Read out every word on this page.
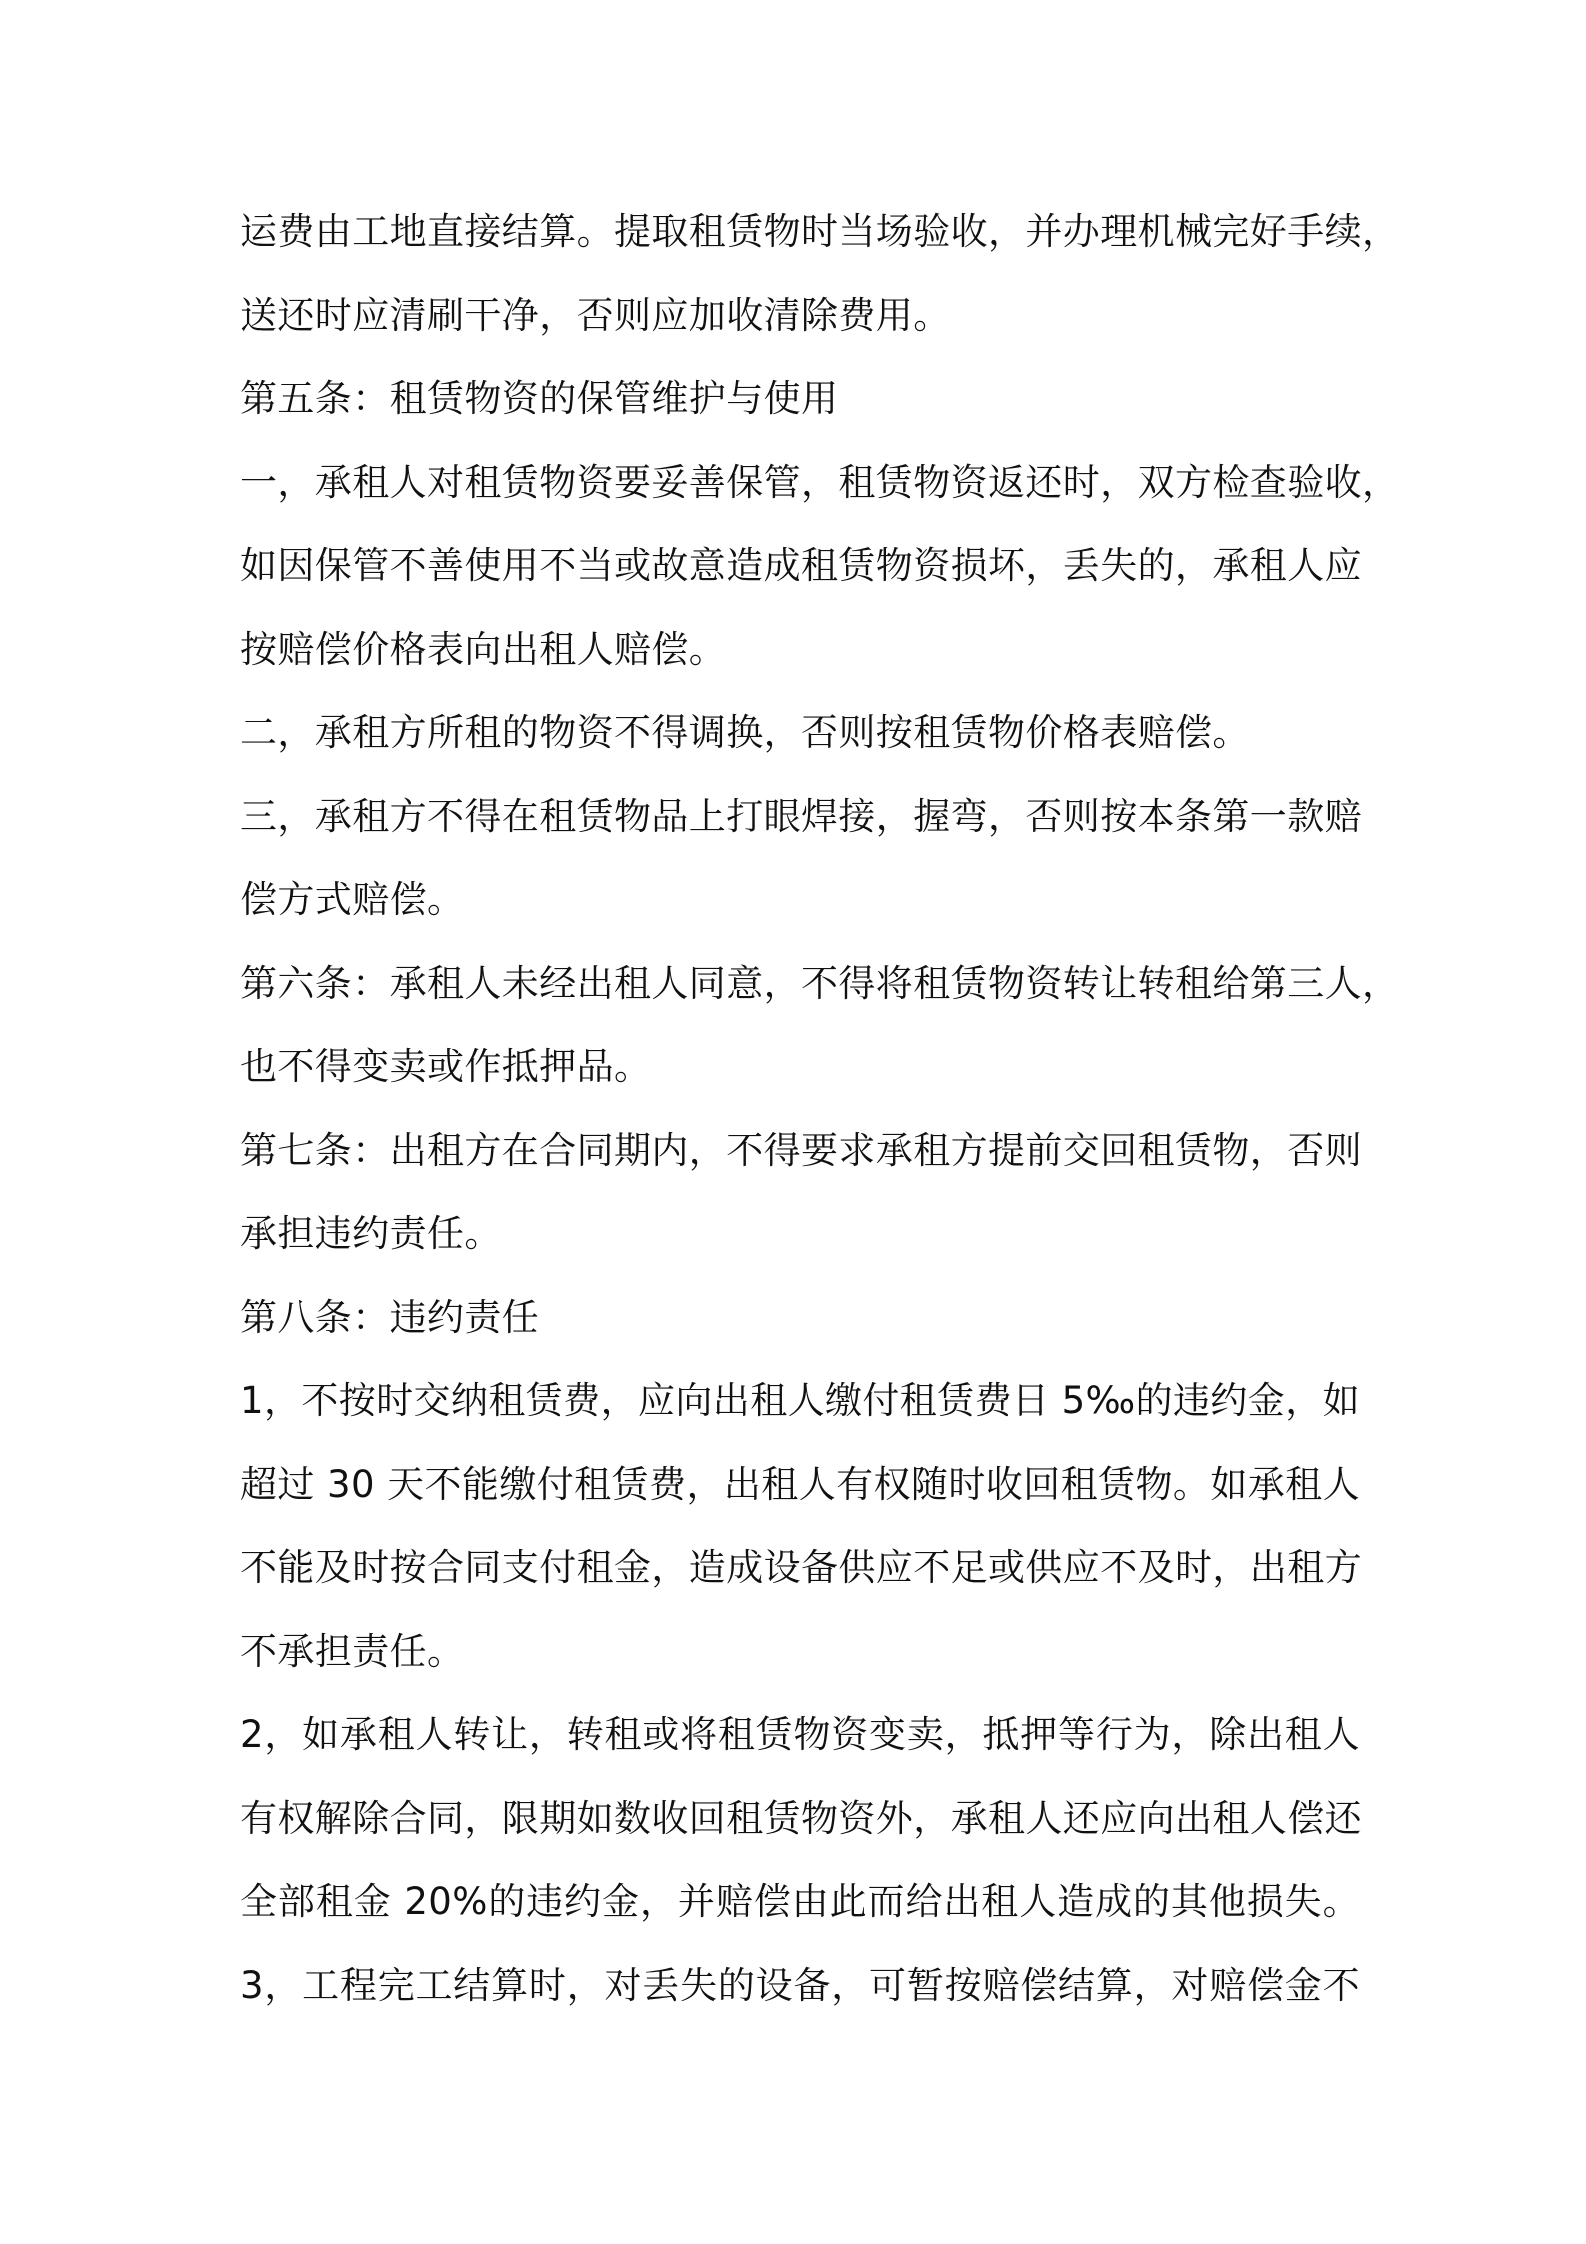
运费由工地直接结算。提取租赁物时当场验收，并办理机械完好手续，
送还时应清刷干净，否则应加收清除费用。
第五条：租赁物资的保管维护与使用
一，承租人对租赁物资要妥善保管，租赁物资返还时，双方检查验收，
如因保管不善使用不当或故意造成租赁物资损坏，丢失的，承租人应
按赔偿价格表向出租人赔偿。
二，承租方所租的物资不得调换，否则按租赁物价格表赔偿。
三，承租方不得在租赁物品上打眼焊接，握弯，否则按本条第一款赔
偿方式赔偿。
第六条：承租人未经出租人同意，不得将租赁物资转让转租给第三人，
也不得变卖或作抵押品。
第七条：出租方在合同期内，不得要求承租方提前交回租赁物，否则
承担违约责任。
第八条：违约责任
1，不按时交纳租赁费，应向出租人缴付租赁费日 5‰的违约金，如
超过 30 天不能缴付租赁费，出租人有权随时收回租赁物。如承租人
不能及时按合同支付租金，造成设备供应不足或供应不及时，出租方
不承担责任。
2，如承租人转让，转租或将租赁物资变卖，抵押等行为，除出租人
有权解除合同，限期如数收回租赁物资外，承租人还应向出租人偿还
全部租金 20%的违约金，并赔偿由此而给出租人造成的其他损失。
3，工程完工结算时，对丢失的设备，可暂按赔偿结算，对赔偿金不
